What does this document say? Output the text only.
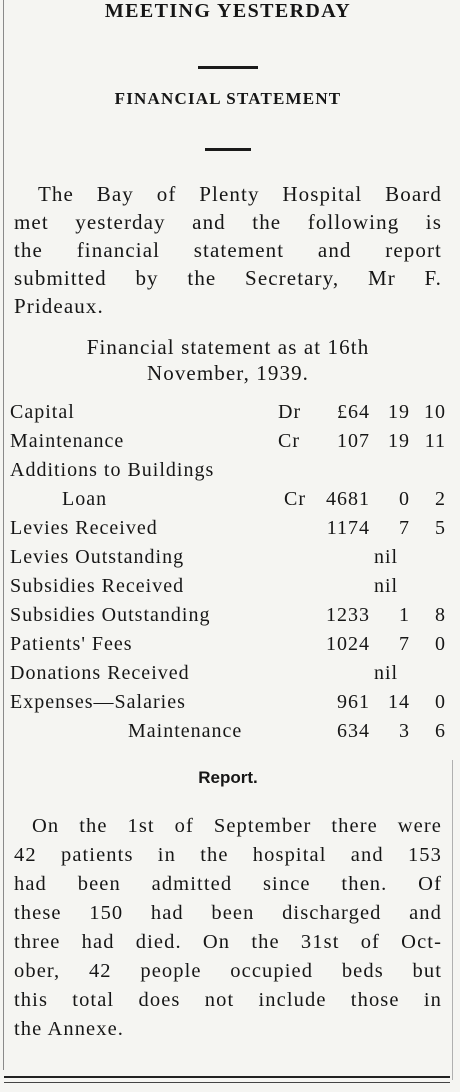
MEETING YESTERDAY
FINANCIAL STATEMENT
The Bay of Plenty Hospital Board
met yesterday and the following is
the financial statement and report
submitted by the Secretary, Mr F.
Prideaux.
Financial statement as at 16th
November, 1939.
Capital	Dr £64 19 10
Maintenance	Cr 107 19 11
Additions to Buildings
Loan	Cr 4681 0 2
Levies Received	1174 7 5
Levies Outstanding	nil
Subsidies Received	nil
Subsidies Outstanding	1233 1 8
Patients' Fees	1024 7 0
Donations Received	nil
Expenses—Salaries	961 14 0
Maintenance	634 3 6
Report.
On the 1st of September there were
42 patients in the hospital and 153
had been admitted since then. Of
these 150 had been discharged and
three had died. On the 31st of Oct-
ober, 42 people occupied beds but
this total does not include those in
the Annexe.
